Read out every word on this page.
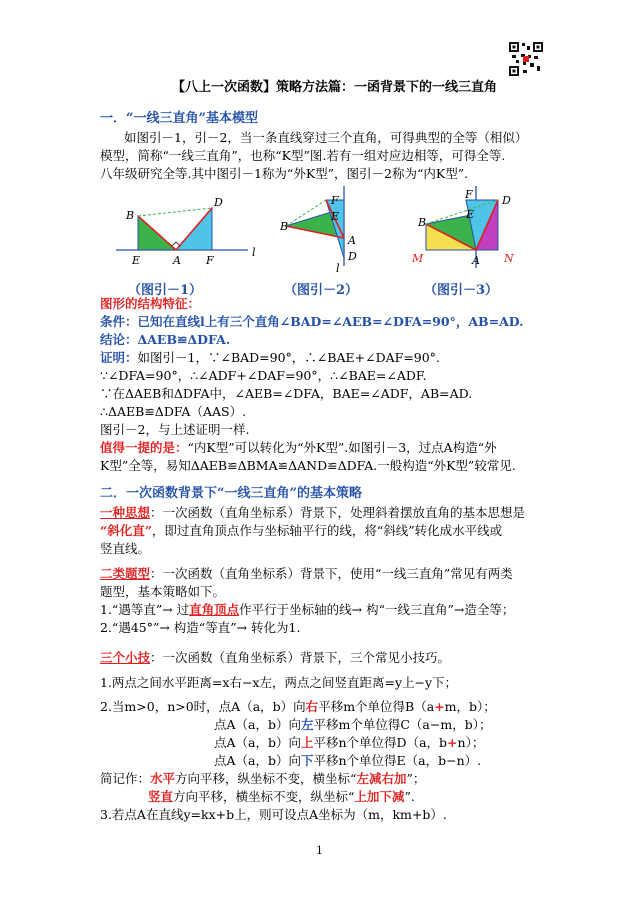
【八上一次函数】策略方法篇：一函背景下的一线三直角
一．“一线三直角”基本模型
如图引－1，引－2，当一条直线穿过三个直角，可得典型的全等（相似）
模型，简称“一线三直角”，也称“K型”图.若有一组对应边相等，可得全等.
八年级研究全等.其中图引－1称为“外K型”，图引－2称为“内K型”.
B
D
E	A F
l
（图引－1）
B
F
E
A
D
l
（图引－2）
B
F
E
D
M	A N
（图引－3）
图形的结构特征：
条件：已知在直线l上有三个直角∠BAD=∠AEB=∠DFA=90°，AB=AD.
结论：ΔAEB≌ΔDFA.
证明：如图引－1，∵∠BAD=90°，∴∠BAE+∠DAF=90°.
∵∠DFA=90°，∴∠ADF+∠DAF=90°，∴∠BAE=∠ADF.
∵在ΔAEB和ΔDFA中，∠AEB=∠DFA，BAE=∠ADF，AB=AD.
∴ΔAEB≌ΔDFA（AAS）.
图引－2，与上述证明一样.
值得一提的是：“内K型”可以转化为“外K型”.如图引－3，过点A构造“外
K型”全等，易知ΔAEB≌ΔBMA≌ΔAND≌ΔDFA.一般构造“外K型”较常见.
二．一次函数背景下“一线三直角”的基本策略
一种思想：一次函数（直角坐标系）背景下，处理斜着摆放直角的基本思想是
“斜化直”，即过直角顶点作与坐标轴平行的线，将“斜线”转化成水平线或
竖直线。
二类题型：一次函数（直角坐标系）背景下，使用“一线三直角”常见有两类
题型，基本策略如下。
1.“遇等直”→ 过直角顶点作平行于坐标轴的线→ 构“一线三直角”→造全等；
2.“遇45°”→ 构造“等直”→ 转化为1.
三个小技：一次函数（直角坐标系）背景下，三个常见小技巧。
1.两点之间水平距离=x右−x左，两点之间竖直距离=y上−y下；
2.当m>0，n>0时，点A（a，b）向右平移m个单位得B（a+m，b）；
点A（a，b）向左平移m个单位得C（a−m，b）；
点A（a，b）向上平移n个单位得D（a，b+n）；
点A（a，b）向下平移n个单位得E（a，b−n）.
简记作：水平方向平移，纵坐标不变，横坐标“左减右加”；
竖直方向平移，横坐标不变，纵坐标“上加下减”.
3.若点A在直线y=kx+b上，则可设点A坐标为（m，km+b）.
1
